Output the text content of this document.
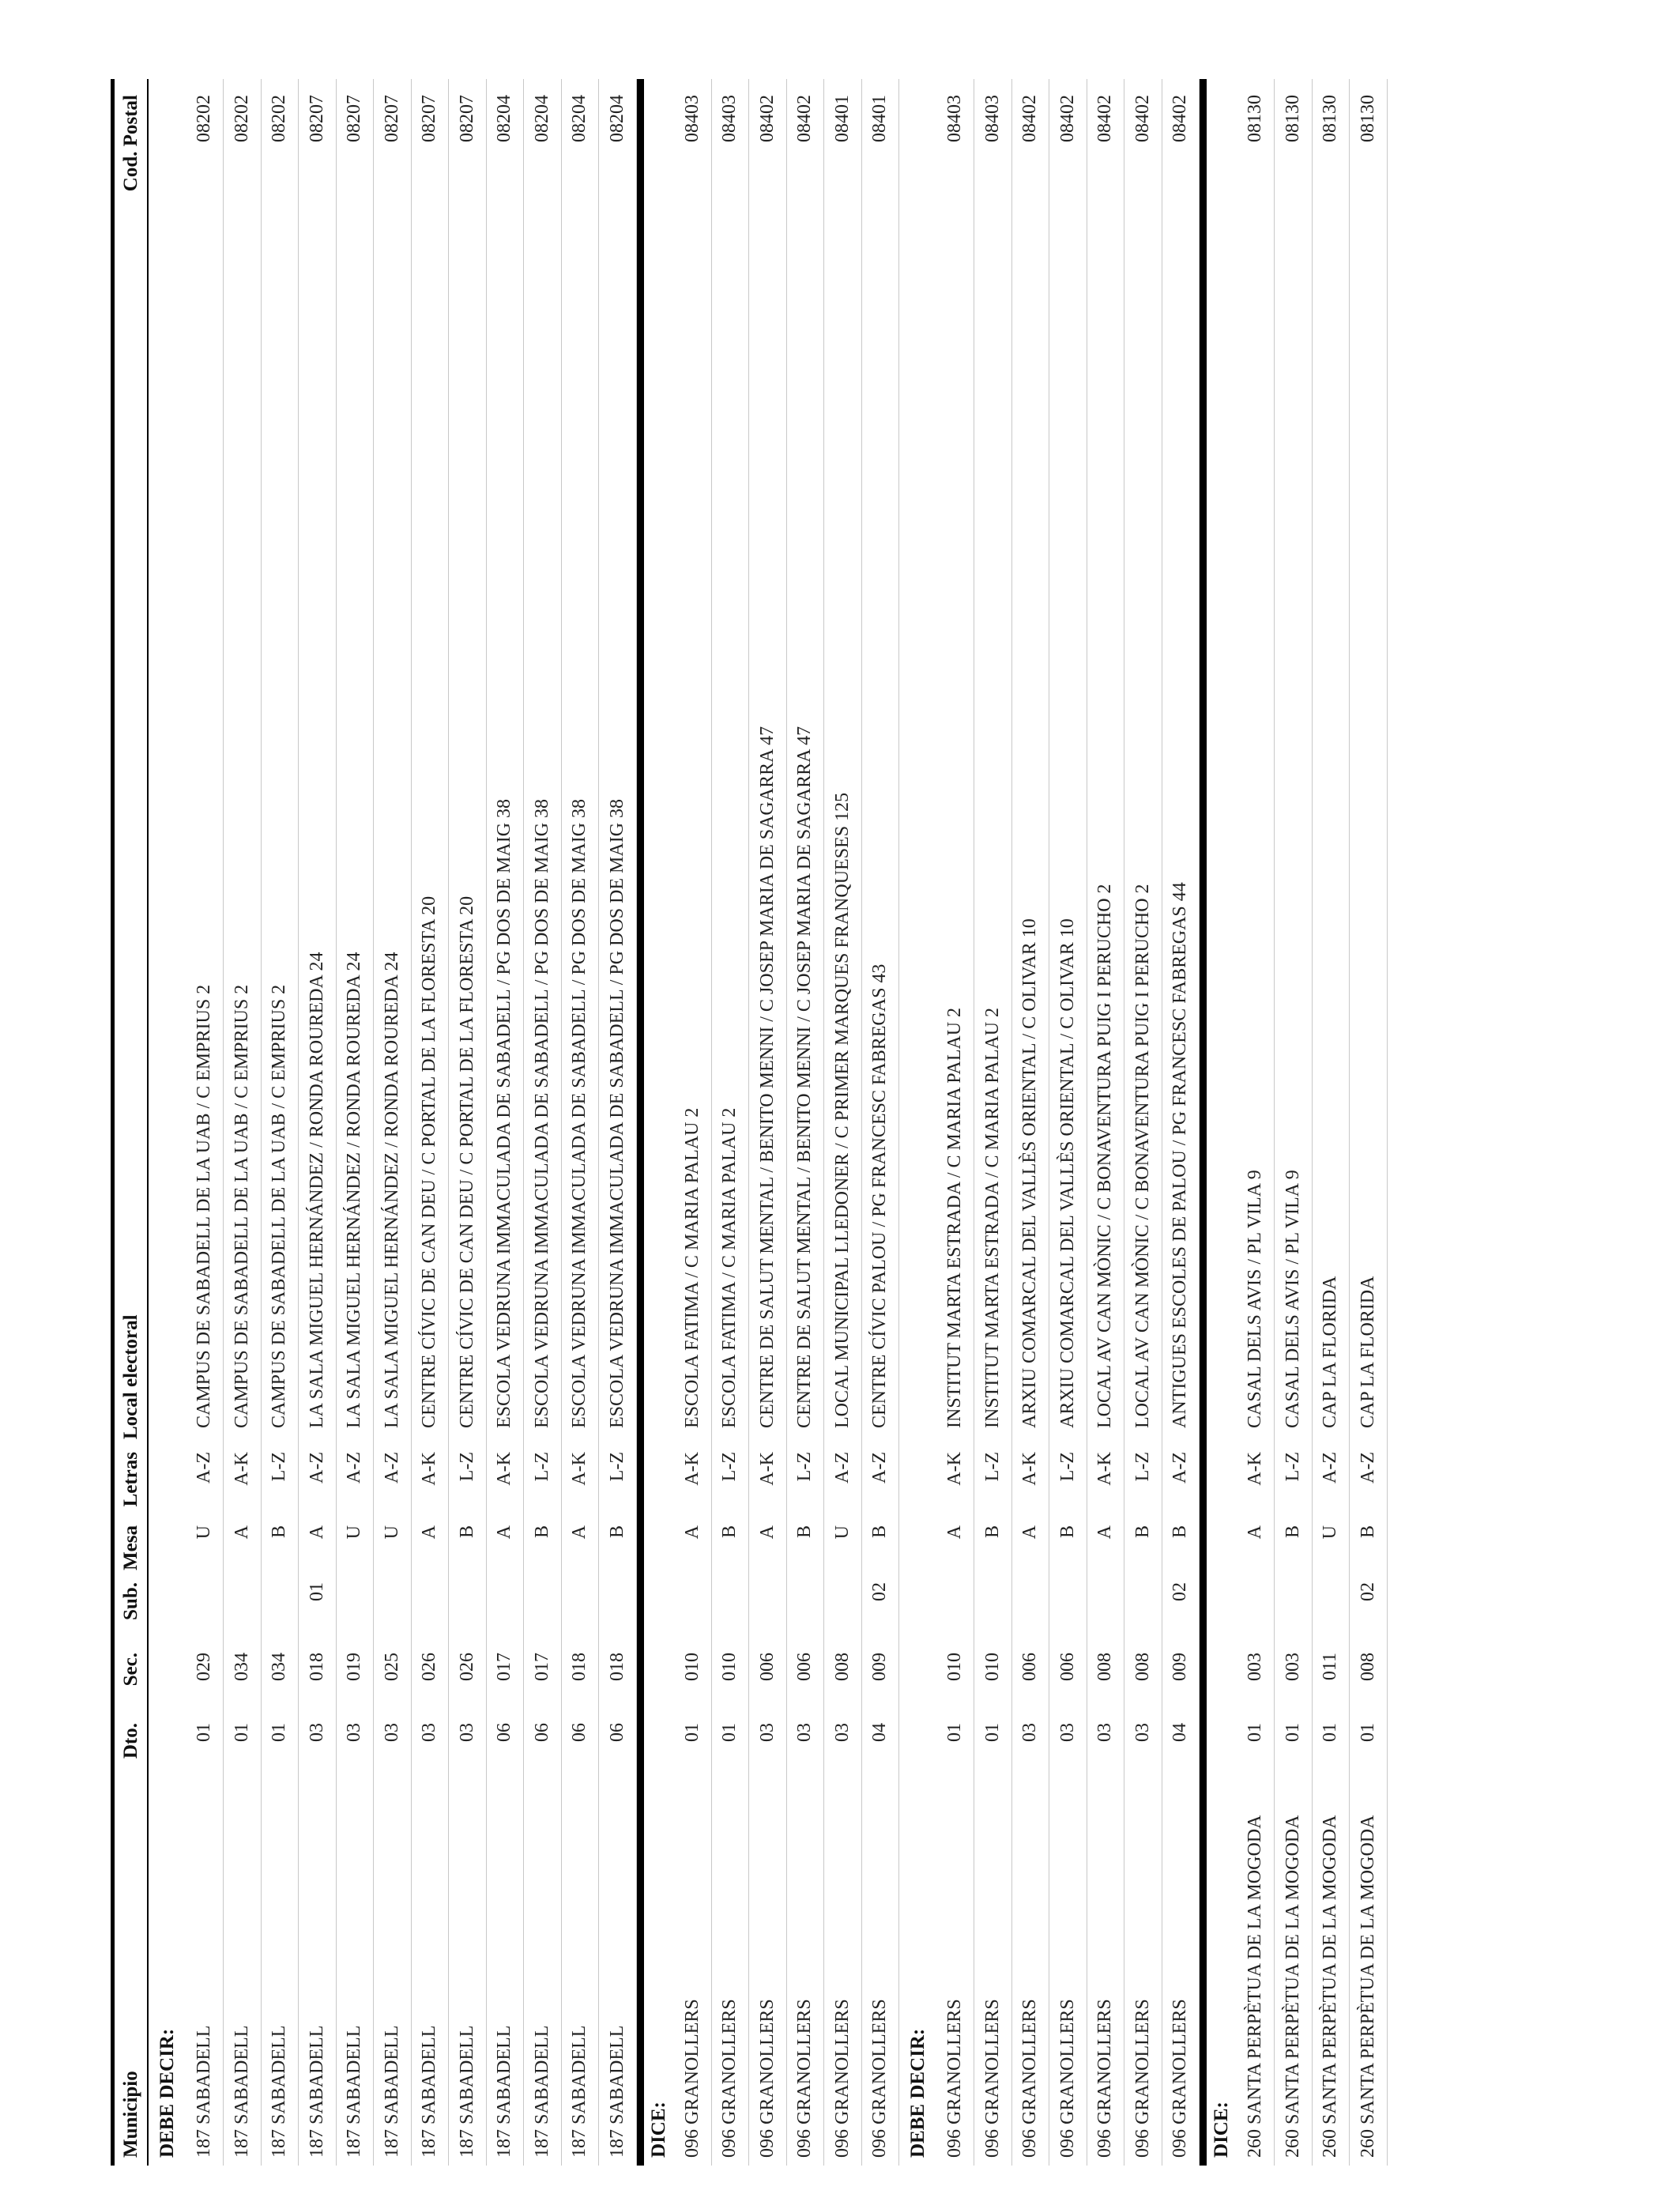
Municipio
Dto.
Sec.
Sub.
Mesa
Letras
Local electoral
Cod. Postal
DEBE DECIR: 187 SABADELL
01
029
U
A-Z
CAMPUS DE SABADELL DE LA UAB / C EMPRIUS 2
08202
187 SABADELL
01
034
A
A-K
CAMPUS DE SABADELL DE LA UAB / C EMPRIUS 2
08202
187 SABADELL
01
034
B
L-Z
CAMPUS DE SABADELL DE LA UAB / C EMPRIUS 2
08202
187 SABADELL
03
018
01
A
A-Z
LA SALA MIGUEL HERNÁNDEZ / RONDA ROUREDA 24
08207
187 SABADELL
03
019
U
A-Z
LA SALA MIGUEL HERNÁNDEZ / RONDA ROUREDA 24
08207
187 SABADELL
03
025
U
A-Z
LA SALA MIGUEL HERNÁNDEZ / RONDA ROUREDA 24
08207
187 SABADELL
03
026
A
A-K
CENTRE CÍVIC DE CAN DEU / C PORTAL DE LA FLORESTA 20
08207
187 SABADELL
03
026
B
L-Z
CENTRE CÍVIC DE CAN DEU / C PORTAL DE LA FLORESTA 20
08207
187 SABADELL
06
017
A
A-K
ESCOLA VEDRUNA IMMACULADA DE SABADELL / PG DOS DE MAIG 38
08204
187 SABADELL
06
017
B
L-Z
ESCOLA VEDRUNA IMMACULADA DE SABADELL / PG DOS DE MAIG 38
08204
187 SABADELL
06
018
A
A-K
ESCOLA VEDRUNA IMMACULADA DE SABADELL / PG DOS DE MAIG 38
08204
187 SABADELL
06
018
B
L-Z
ESCOLA VEDRUNA IMMACULADA DE SABADELL / PG DOS DE MAIG 38
08204
DICE: 096 GRANOLLERS
01
010
A
A-K
ESCOLA FATIMA / C MARIA PALAU 2
08403
096 GRANOLLERS
01
010
B
L-Z
ESCOLA FATIMA / C MARIA PALAU 2
08403
096 GRANOLLERS
03
006
A
A-K
CENTRE DE SALUT MENTAL / BENITO MENNI / C JOSEP MARIA DE SAGARRA 47
08402
096 GRANOLLERS
03
006
B
L-Z
CENTRE DE SALUT MENTAL / BENITO MENNI / C JOSEP MARIA DE SAGARRA 47
08402
096 GRANOLLERS
03
008
U
A-Z
LOCAL MUNICIPAL LLEDONER / C PRIMER MARQUES FRANQUESES 125
08401
096 GRANOLLERS
04
009
02
B
A-Z
CENTRE CÍVIC PALOU / PG FRANCESC FABREGAS 43
08401
DEBE DECIR: 096 GRANOLLERS
01
010
A
A-K
INSTITUT MARTA ESTRADA / C MARIA PALAU 2
08403
096 GRANOLLERS
01
010
B
L-Z
INSTITUT MARTA ESTRADA / C MARIA PALAU 2
08403
096 GRANOLLERS
03
006
A
A-K
ARXIU COMARCAL DEL VALLÈS ORIENTAL / C OLIVAR 10
08402
096 GRANOLLERS
03
006
B
L-Z
ARXIU COMARCAL DEL VALLÈS ORIENTAL / C OLIVAR 10
08402
096 GRANOLLERS
03
008
A
A-K
LOCAL AV CAN MÒNIC / C BONAVENTURA PUIG I PERUCHO 2
08402
096 GRANOLLERS
03
008
B
L-Z
LOCAL AV CAN MÒNIC / C BONAVENTURA PUIG I PERUCHO 2
08402
096 GRANOLLERS
04
009
02
B
A-Z
ANTIGUES ESCOLES DE PALOU / PG FRANCESC FABREGAS 44
08402
DICE: 260 SANTA PERPÈTUA DE LA MOGODA
01
003
A
A-K
CASAL DELS AVIS / PL VILA 9
08130
260 SANTA PERPÈTUA DE LA MOGODA
01
003
B
L-Z
CASAL DELS AVIS / PL VILA 9
08130
260 SANTA PERPÈTUA DE LA MOGODA
01
011
U
A-Z
CAP LA FLORIDA
08130
260 SANTA PERPÈTUA DE LA MOGODA
01
008
02
B
A-Z
CAP LA FLORIDA
08130
